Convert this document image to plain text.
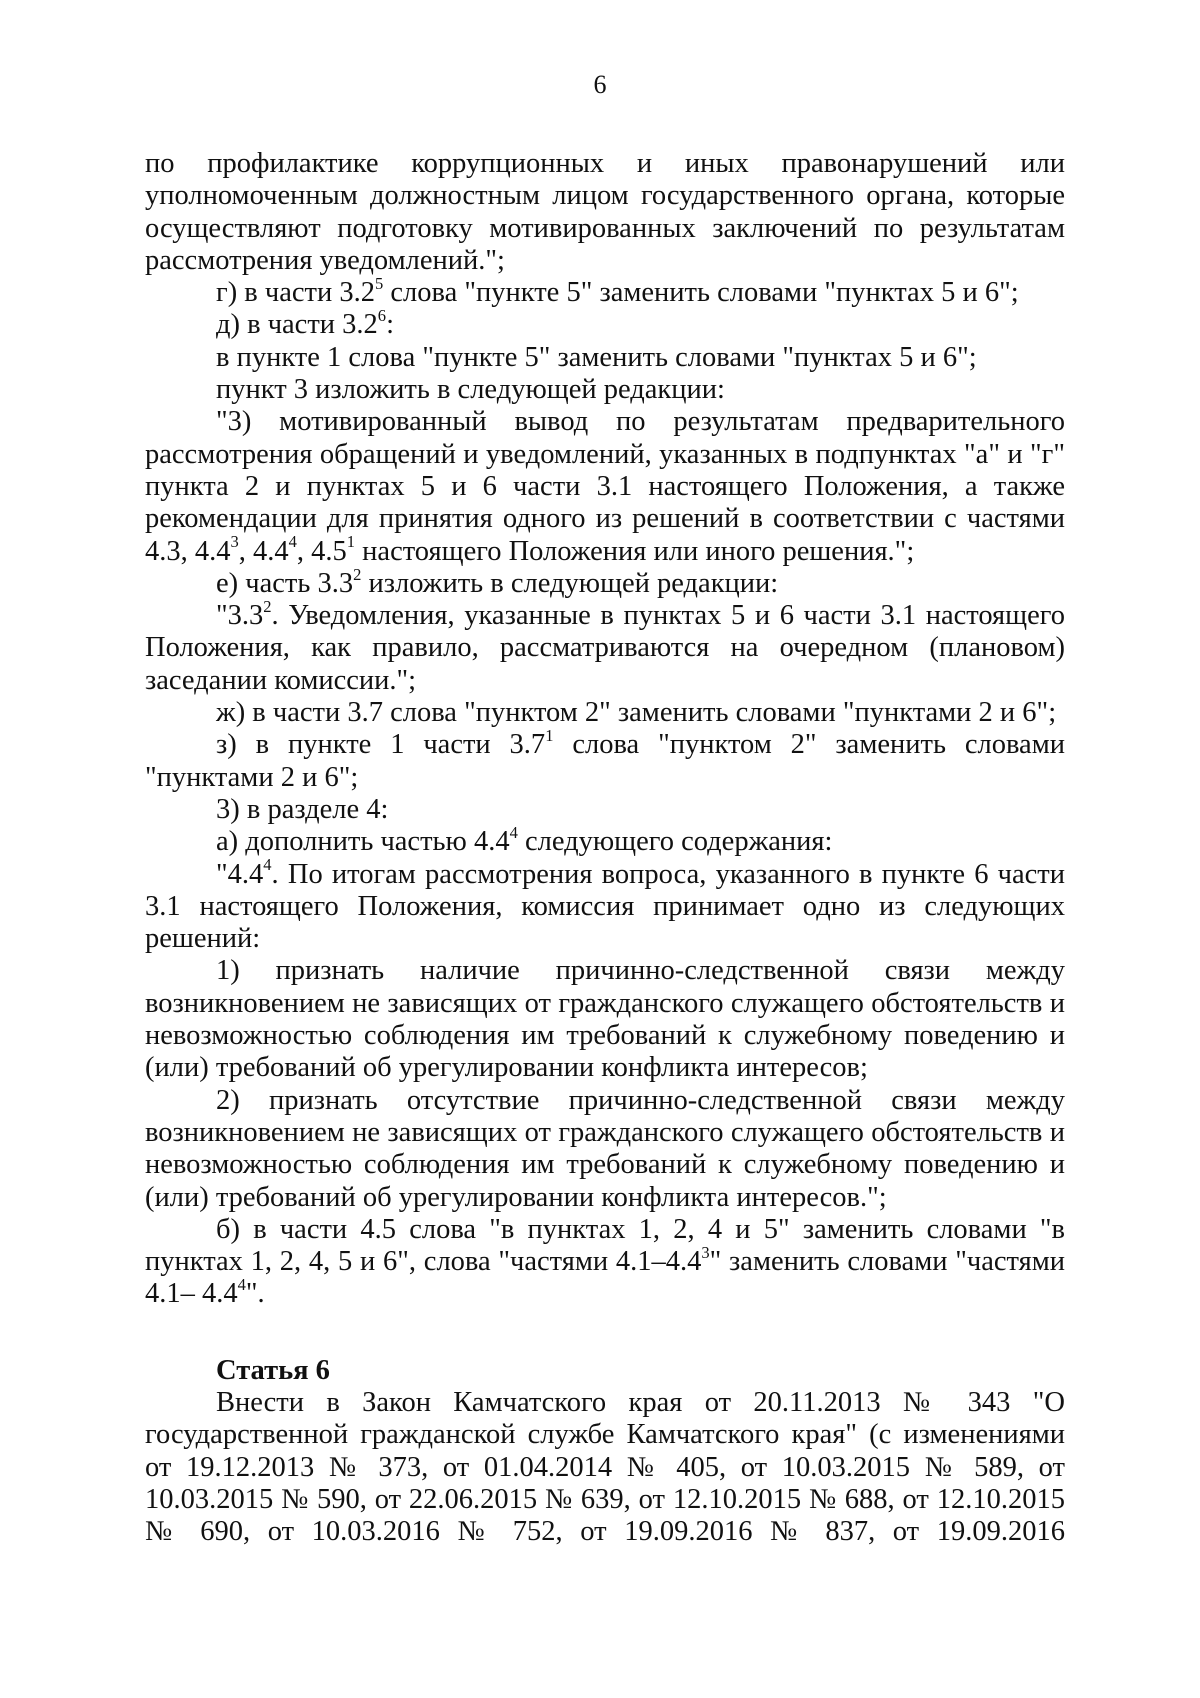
6

по профилактике коррупционных и иных правонарушений или уполномоченным должностным лицом государственного органа, которые осуществляют подготовку мотивированных заключений по результатам рассмотрения уведомлений.";

г) в части $3.2^5$ слова "пункте 5" заменить словами "пунктах 5 и 6";

д) в части $3.2^6$:

в пункте 1 слова "пункте 5" заменить словами "пунктах 5 и 6";

пункт 3 изложить в следующей редакции:

"3) мотивированный вывод по результатам предварительного рассмотрения обращений и уведомлений, указанных в подпунктах "а" и "г" пункта 2 и пунктах 5 и 6 части 3.1 настоящего Положения, а также рекомендации для принятия одного из решений в соответствии с частями

4.3, $4.4^3$, $4.4^4$, $4.5^1$ настоящего Положения или иного решения.";

е) часть $3.3^2$ изложить в следующей редакции:

"$3.3^2$. Уведомления, указанные в пунктах 5 и 6 части 3.1 настоящего Положения, как правило, рассматриваются на очередном (плановом) заседании комиссии.";

ж) в части 3.7 слова "пунктом 2" заменить словами "пунктами 2 и 6";

з) в пункте 1 части $3.7^1$ слова "пунктом 2" заменить словами "пунктами 2 и 6";

3) в разделе 4:

а) дополнить частью $4.4^4$ следующего содержания:

"$4.4^4$. По итогам рассмотрения вопроса, указанного в пункте 6 части 3.1 настоящего Положения, комиссия принимает одно из следующих решений:

1) признать наличие причинно-следственной связи между возникновением не зависящих от гражданского служащего обстоятельств и невозможностью соблюдения им требований к служебному поведению и (или) требований об урегулировании конфликта интересов;

2) признать отсутствие причинно-следственной связи между возникновением не зависящих от гражданского служащего обстоятельств и невозможностью соблюдения им требований к служебному поведению и (или) требований об урегулировании конфликта интересов.";

б) в части 4.5 слова "в пунктах 1, 2, 4 и 5" заменить словами "в пунктах 1, 2, 4, 5 и 6", слова "частями $4.1-4.4^3$" заменить словами "частями 4.1– $4.4^4$".

Статья 6

Внести в Закон Камчатского края от 20.11.2013 № 343 "О государственной гражданской службе Камчатского края" (с изменениями от 19.12.2013 № 373, от 01.04.2014 № 405, от 10.03.2015 № 589, от 10.03.2015 № 590, от 22.06.2015 № 639, от 12.10.2015 № 688, от 12.10.2015 № 690, от 10.03.2016 № 752, от 19.09.2016 № 837, от 19.09.2016
